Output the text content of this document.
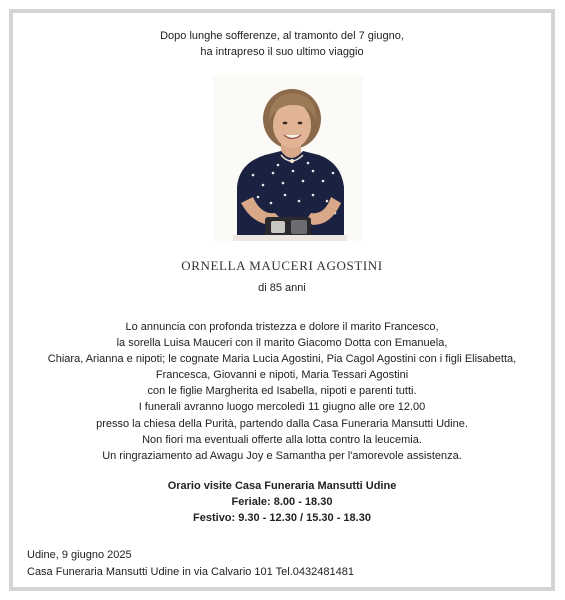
Dopo lunghe sofferenze, al tramonto del 7 giugno,
ha intrapreso il suo ultimo viaggio
ORNELLA MAUCERI AGOSTINI
di 85 anni
Lo annuncia con profonda tristezza e dolore il marito Francesco,
la sorella Luisa Mauceri con il marito Giacomo Dotta con Emanuela,
Chiara, Arianna e nipoti; le cognate Maria Lucia Agostini, Pia Cagol Agostini con i figli Elisabetta,
Francesca, Giovanni e nipoti, Maria Tessari Agostini
con le figlie Margherita ed Isabella, nipoti e parenti tutti.
I funerali avranno luogo mercoledì 11 giugno alle ore 12.00
presso la chiesa della Purità, partendo dalla Casa Funeraria Mansutti Udine.
Non fiori ma eventuali offerte alla lotta contro la leucemia.
Un ringraziamento ad Awagu Joy e Samantha per l'amorevole assistenza.
Orario visite Casa Funeraria Mansutti Udine
Feriale: 8.00 - 18.30
Festivo: 9.30 - 12.30 / 15.30 - 18.30
Udine, 9 giugno 2025
Casa Funeraria Mansutti Udine in via Calvario 101 Tel.0432481481
